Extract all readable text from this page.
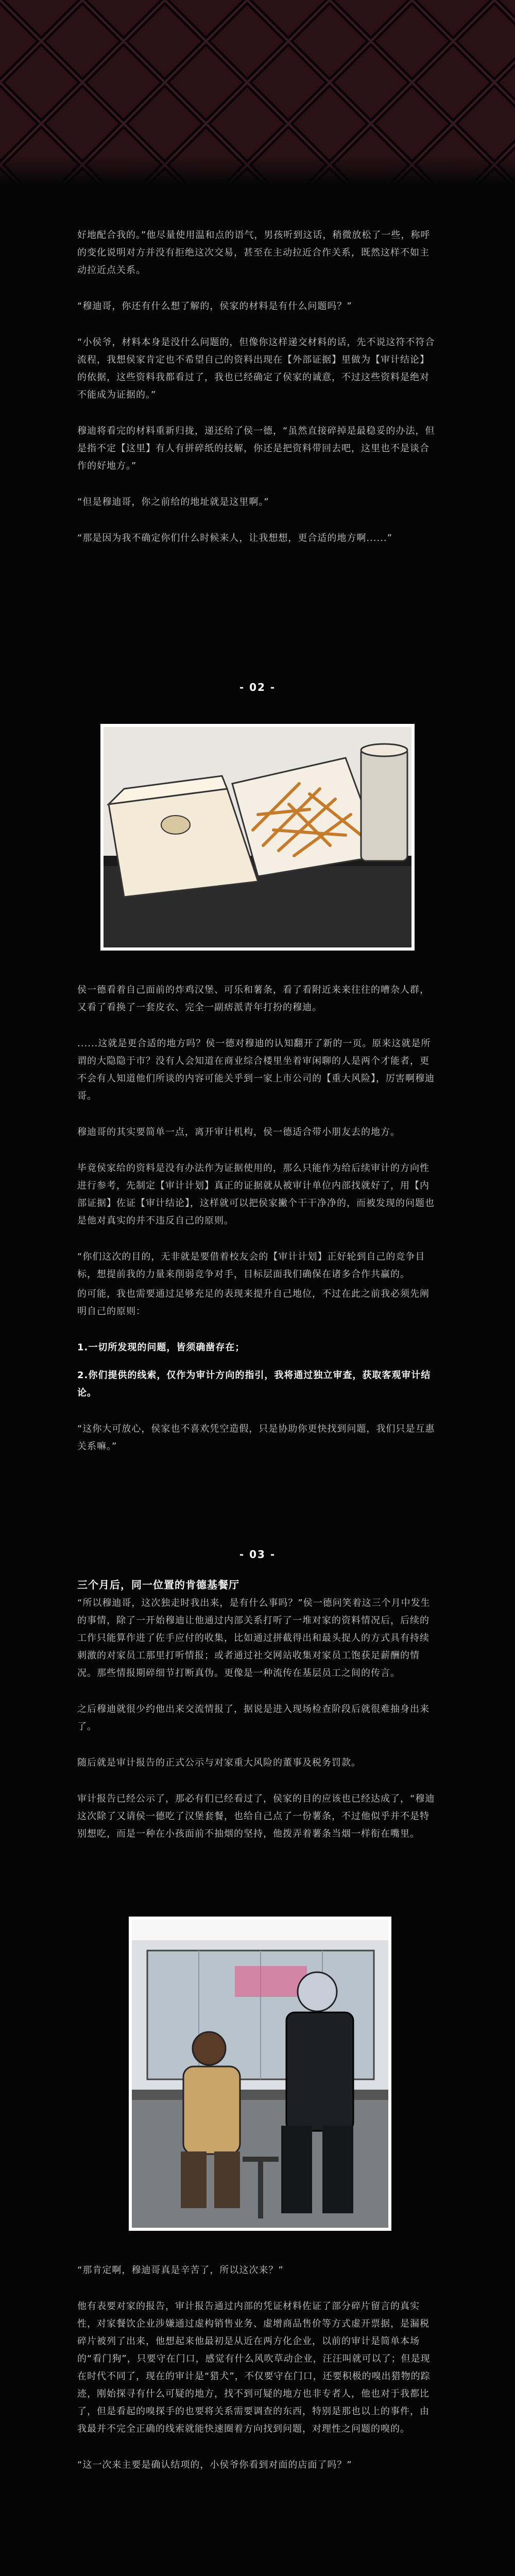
好地配合我的。”他尽量使用温和点的语气，男孩听到这话，稍微放松了一些，称呼的变化说明对方并没有拒绝这次交易，甚至在主动拉近合作关系，既然这样不如主动拉近点关系。

“穆迪哥，你还有什么想了解的，侯家的材料是有什么问题吗？”

“小侯爷，材料本身是没什么问题的，但像你这样递交材料的话，先不说这符不符合流程，我想侯家肯定也不希望自己的资料出现在【外部证据】里做为【审计结论】的依据，这些资料我都看过了，我也已经确定了侯家的诚意，不过这些资料是绝对不能成为证据的。”

穆迪将看完的材料重新归拢，递还给了侯一德，“虽然直接碎掉是最稳妥的办法，但是指不定【这里】有人有拼碎纸的技解，你还是把资料带回去吧，这里也不是谈合作的好地方。”

“但是穆迪哥，你之前给的地址就是这里啊。”

“那是因为我不确定你们什么时候来人，让我想想，更合适的地方啊......”

- 02 -

侯一德看着自己面前的炸鸡汉堡、可乐和薯条，看了看附近来来往往的嘈杂人群，又看了看换了一套皮衣、完全一副痞派青年打扮的穆迪。

......这就是更合适的地方吗？侯一德对穆迪的认知翻开了新的一页。原来这就是所谓的大隐隐于市？没有人会知道在商业综合楼里坐着审闲聊的人是两个才能者，更不会有人知道他们所谈的内容可能关乎到一家上市公司的【重大风险】，厉害啊穆迪哥。

穆迪哥的其实要简单一点，离开审计机构，侯一德适合带小朋友去的地方。

毕竟侯家给的资料是没有办法作为证据使用的，那么只能作为给后续审计的方向性进行参考，先制定【审计计划】真正的证据就从被审计单位内部找就好了，用【内部证据】佐证【审计结论】，这样就可以把侯家撇个干干净净的，而被发现的问题也是他对真实的并不违反自己的原则。

“你们这次的目的，无非就是要借着校友会的【审计计划】正好轮到自己的竞争目标，想提前我的力量来削弱竞争对手，目标层面我们确保在诸多合作共赢的。

的可能，我也需要通过足够充足的表现来提升自己地位，不过在此之前我必须先阐明自己的原则：

1.一切所发现的问题，皆须确凿存在；

2.你们提供的线索，仅作为审计方向的指引，我将通过独立审查，获取客观审计结论。

“这你大可放心，侯家也不喜欢凭空造假，只是协助你更快找到问题，我们只是互惠关系嘛。”

- 03 -

三个月后，同一位置的肯德基餐厅

“所以穆迪哥，这次独走时我出来，是有什么事吗？”侯一德问笑着这三个月中发生的事情，除了一开始穆迪让他通过内部关系打听了一堆对家的资料情况后，后续的工作只能算作进了佐手应付的收集，比如通过拼截得出和最头捉人的方式具有持续刺激的对家员工那里打听情报；或者通过社交网站收集对家员工饱获足薪酬的情况。那些情报期碎细节打断真伪。更像是一种流传在基层员工之间的传言。

之后穆迪就很少约他出来交流情报了，据说是进入现场检查阶段后就很难抽身出来了。

随后就是审计报告的正式公示与对家重大风险的董事及税务罚款。

审计报告已经公示了，那必有们已经看过了，侯家的目的应该也已经达成了，“穆迪这次除了又请侯一德吃了汉堡套餐，也给自己点了一份薯条，不过他似乎并不是特别想吃，而是一种在小孩面前不抽烟的坚持，他拨弄着薯条当烟一样衔在嘴里。

“那肯定啊，穆迪哥真是辛苦了，所以这次来？”

他有表要对家的报告，审计报告通过内部的凭证材料佐证了部分碎片留言的真实性，对家餐饮企业涉嫌通过虚构销售业务、虚增商品售价等方式虚开票据，是漏税碎片被列了出来，他想起来他最初是从近在两方化企业，以前的审计是简单本场的“看门狗”，只要守在门口，感觉有什么风吹草动企业，汪汪叫就可以了；但是现在时代不同了，现在的审计是“猎犬”，不仅要守在门口，还要积极的嗅出猎物的踪迹，刚始探寻有什么可疑的地方，找不到可疑的地方也非专者人，他也对于我都比了，但是看起的嗅探手的也要将关系需要调查的东西，特别是那也以上的事件，由我最并不完全正确的线索就能快速圈着方向找到问题，对理性之问题的嗅的。

“这一次来主要是确认结项的，小侯爷你看到对面的店面了吗？”
